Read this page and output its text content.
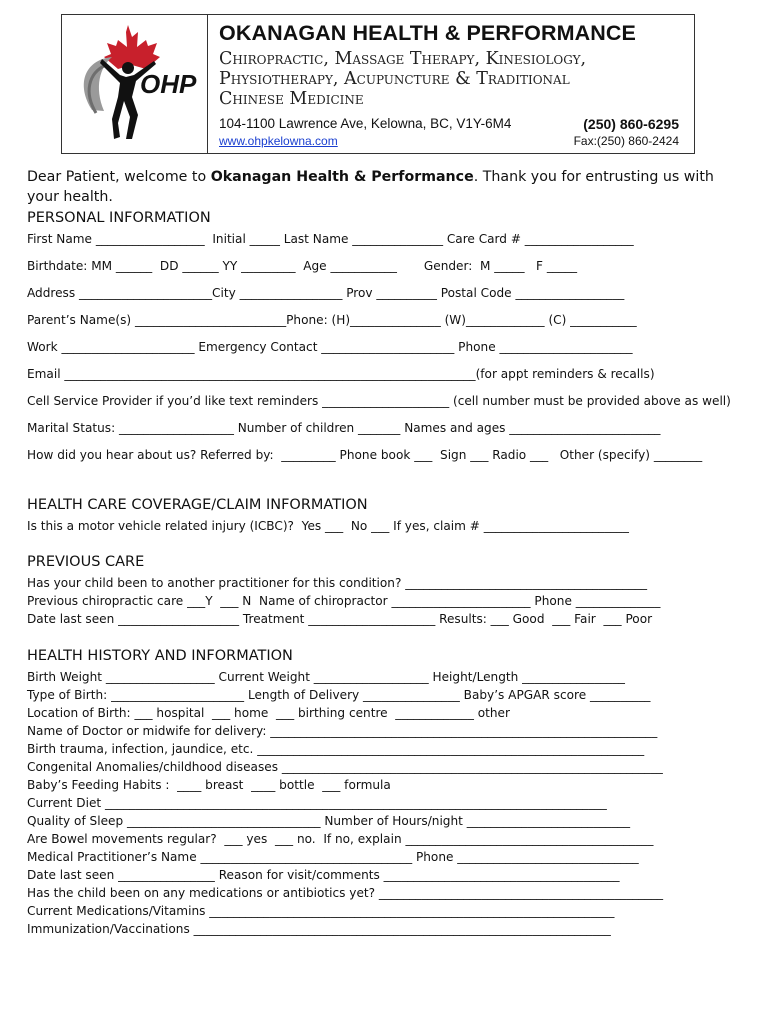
OHP
OKANAGAN HEALTH & PERFORMANCE
Chiropractic, Massage Therapy, Kinesiology,
Physiotherapy, Acupuncture & Traditional
Chinese Medicine
104-1100 Lawrence Ave, Kelowna, BC, V1Y-6M4	(250) 860-6295
www.ohpkelowna.com	Fax:(250) 860-2424
Dear Patient, welcome to Okanagan Health & Performance. Thank you for entrusting us with your health.
PERSONAL INFORMATION
First Name __________________  Initial _____ Last Name _______________ Care Card # __________________
Birthdate: MM ______  DD ______ YY _________  Age ___________       Gender:  M _____   F _____
Address ______________________City _________________ Prov __________ Postal Code __________________
Parent’s Name(s) _________________________Phone: (H)_______________ (W)_____________ (C) ___________
Work ______________________ Emergency Contact ______________________ Phone ______________________
Email ____________________________________________________________________(for appt reminders & recalls)
Cell Service Provider if you’d like text reminders _____________________ (cell number must be provided above as well)
Marital Status: ___________________ Number of children _______ Names and ages _________________________
How did you hear about us? Referred by:  _________ Phone book ___  Sign ___ Radio ___   Other (specify) ________
HEALTH CARE COVERAGE/CLAIM INFORMATION
Is this a motor vehicle related injury (ICBC)?  Yes ___  No ___ If yes, claim # ________________________
PREVIOUS CARE
Has your child been to another practitioner for this condition? ________________________________________
Previous chiropractic care ___Y  ___ N  Name of chiropractor _______________________ Phone ______________
Date last seen ____________________ Treatment _____________________ Results: ___ Good  ___ Fair  ___ Poor
HEALTH HISTORY AND INFORMATION
Birth Weight __________________ Current Weight ___________________ Height/Length _________________
Type of Birth: ______________________ Length of Delivery ________________ Baby’s APGAR score __________
Location of Birth: ___ hospital  ___ home  ___ birthing centre  _____________ other
Name of Doctor or midwife for delivery: ________________________________________________________________
Birth trauma, infection, jaundice, etc. ________________________________________________________________
Congenital Anomalies/childhood diseases _______________________________________________________________
Baby’s Feeding Habits :  ____ breast  ____ bottle  ___ formula
Current Diet ___________________________________________________________________________________
Quality of Sleep ________________________________ Number of Hours/night ___________________________
Are Bowel movements regular?  ___ yes  ___ no.  If no, explain _________________________________________
Medical Practitioner’s Name ___________________________________ Phone ______________________________
Date last seen ________________ Reason for visit/comments _______________________________________
Has the child been on any medications or antibiotics yet? _______________________________________________
Current Medications/Vitamins ___________________________________________________________________
Immunization/Vaccinations _____________________________________________________________________
